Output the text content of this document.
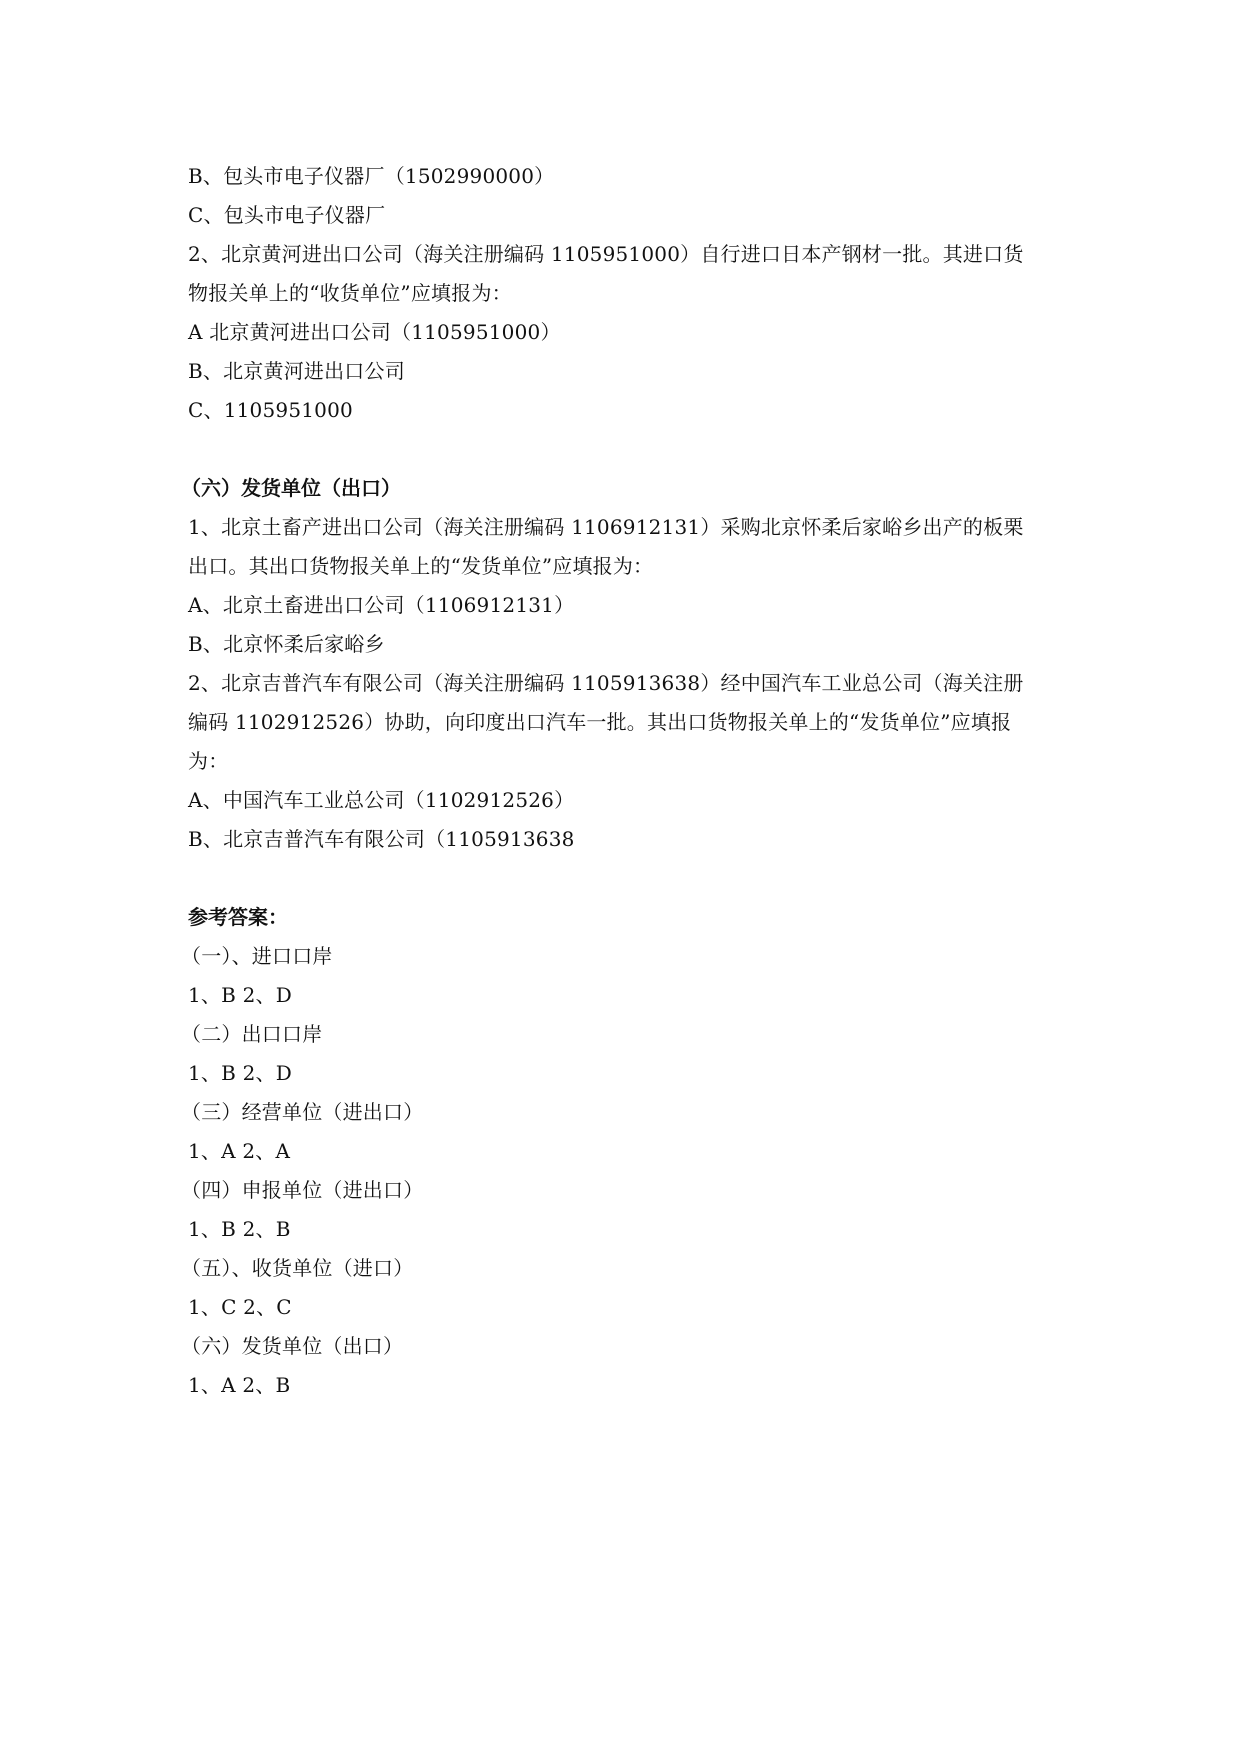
B、包头市电子仪器厂（1502990000）
C、包头市电子仪器厂
2、北京黄河进出口公司（海关注册编码 1105951000）自行进口日本产钢材一批。其进口货
物报关单上的“收货单位”应填报为：
A 北京黄河进出口公司（1105951000）
B、北京黄河进出口公司
C、1105951000
（六）发货单位（出口）
1、北京土畜产进出口公司（海关注册编码 1106912131）采购北京怀柔后家峪乡出产的板栗
出口。其出口货物报关单上的“发货单位”应填报为：
A、北京土畜进出口公司（1106912131）
B、北京怀柔后家峪乡
2、北京吉普汽车有限公司（海关注册编码 1105913638）经中国汽车工业总公司（海关注册
编码 1102912526）协助，向印度出口汽车一批。其出口货物报关单上的“发货单位”应填报
为：
A、中国汽车工业总公司（1102912526）
B、北京吉普汽车有限公司（1105913638
参考答案：
（一）、进口口岸
1、B 2、D
（二）出口口岸
1、B 2、D
（三）经营单位（进出口）
1、A 2、A
（四）申报单位（进出口）
1、B 2、B
（五）、收货单位（进口）
1、C 2、C
（六）发货单位（出口）
1、A 2、B
